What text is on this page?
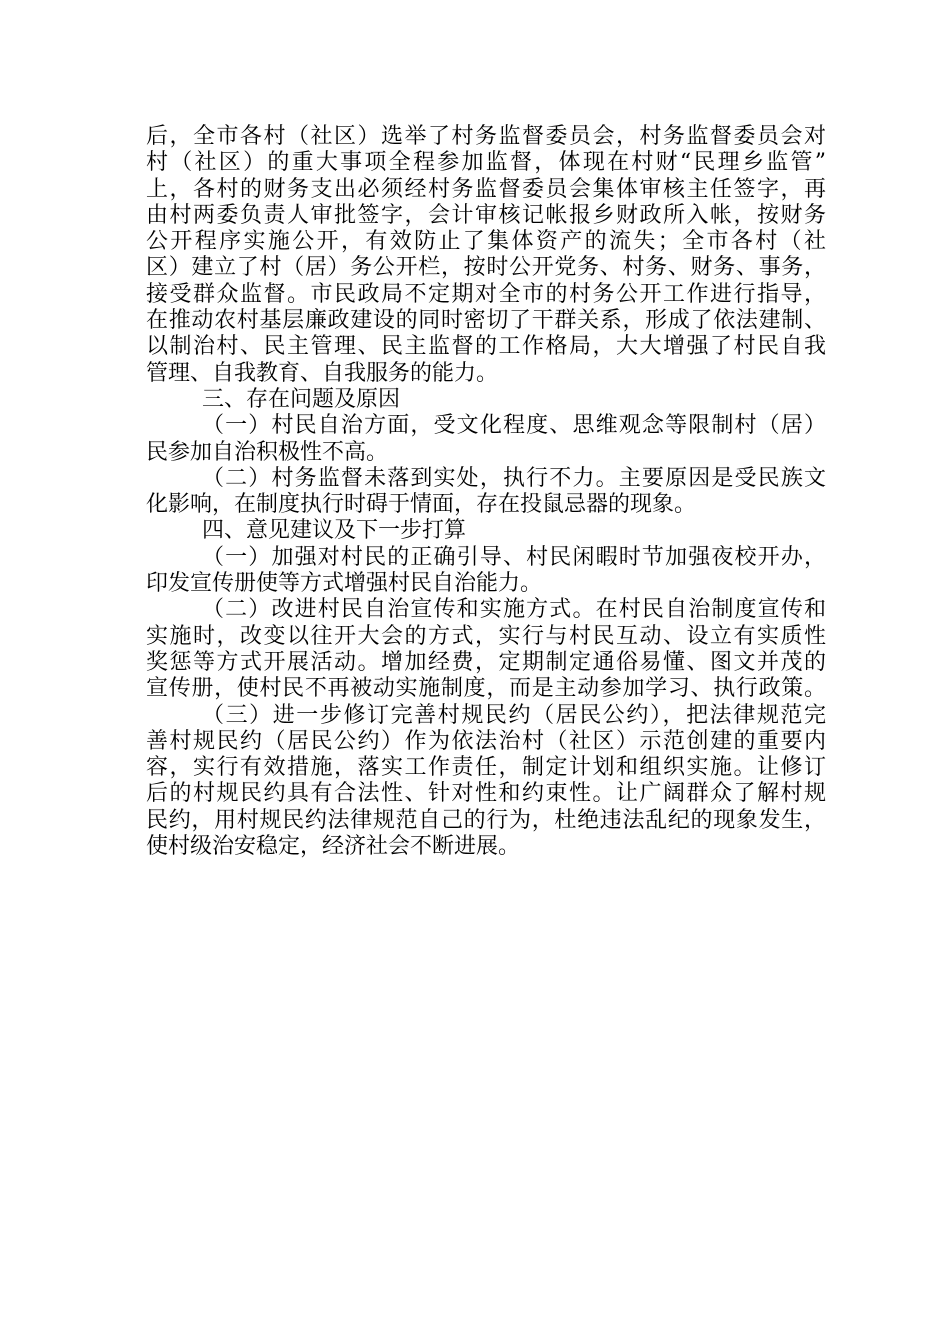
后，全市各村（社区）选举了村务监督委员会，村务监督委员会对
村（社区）的重大事项全程参加监督，体现在村财“民理乡监管”
上，各村的财务支出必须经村务监督委员会集体审核主任签字，再
由村两委负责人审批签字，会计审核记帐报乡财政所入帐，按财务
公开程序实施公开，有效防止了集体资产的流失；全市各村（社
区）建立了村（居）务公开栏，按时公开党务、村务、财务、事务，
接受群众监督。市民政局不定期对全市的村务公开工作进行指导，
在推动农村基层廉政建设的同时密切了干群关系，形成了依法建制、
以制治村、民主管理、民主监督的工作格局，大大增强了村民自我
管理、自我教育、自我服务的能力。
三、存在问题及原因
（一）村民自治方面，受文化程度、思维观念等限制村（居）
民参加自治积极性不高。
（二）村务监督未落到实处，执行不力。主要原因是受民族文
化影响，在制度执行时碍于情面，存在投鼠忌器的现象。
四、意见建议及下一步打算
（一）加强对村民的正确引导、村民闲暇时节加强夜校开办，
印发宣传册使等方式增强村民自治能力。
（二）改进村民自治宣传和实施方式。在村民自治制度宣传和
实施时，改变以往开大会的方式，实行与村民互动、设立有实质性
奖惩等方式开展活动。增加经费，定期制定通俗易懂、图文并茂的
宣传册，使村民不再被动实施制度，而是主动参加学习、执行政策。
（三）进一步修订完善村规民约（居民公约），把法律规范完
善村规民约（居民公约）作为依法治村（社区）示范创建的重要内
容，实行有效措施，落实工作责任，制定计划和组织实施。让修订
后的村规民约具有合法性、针对性和约束性。让广阔群众了解村规
民约，用村规民约法律规范自己的行为，杜绝违法乱纪的现象发生，
使村级治安稳定，经济社会不断进展。
